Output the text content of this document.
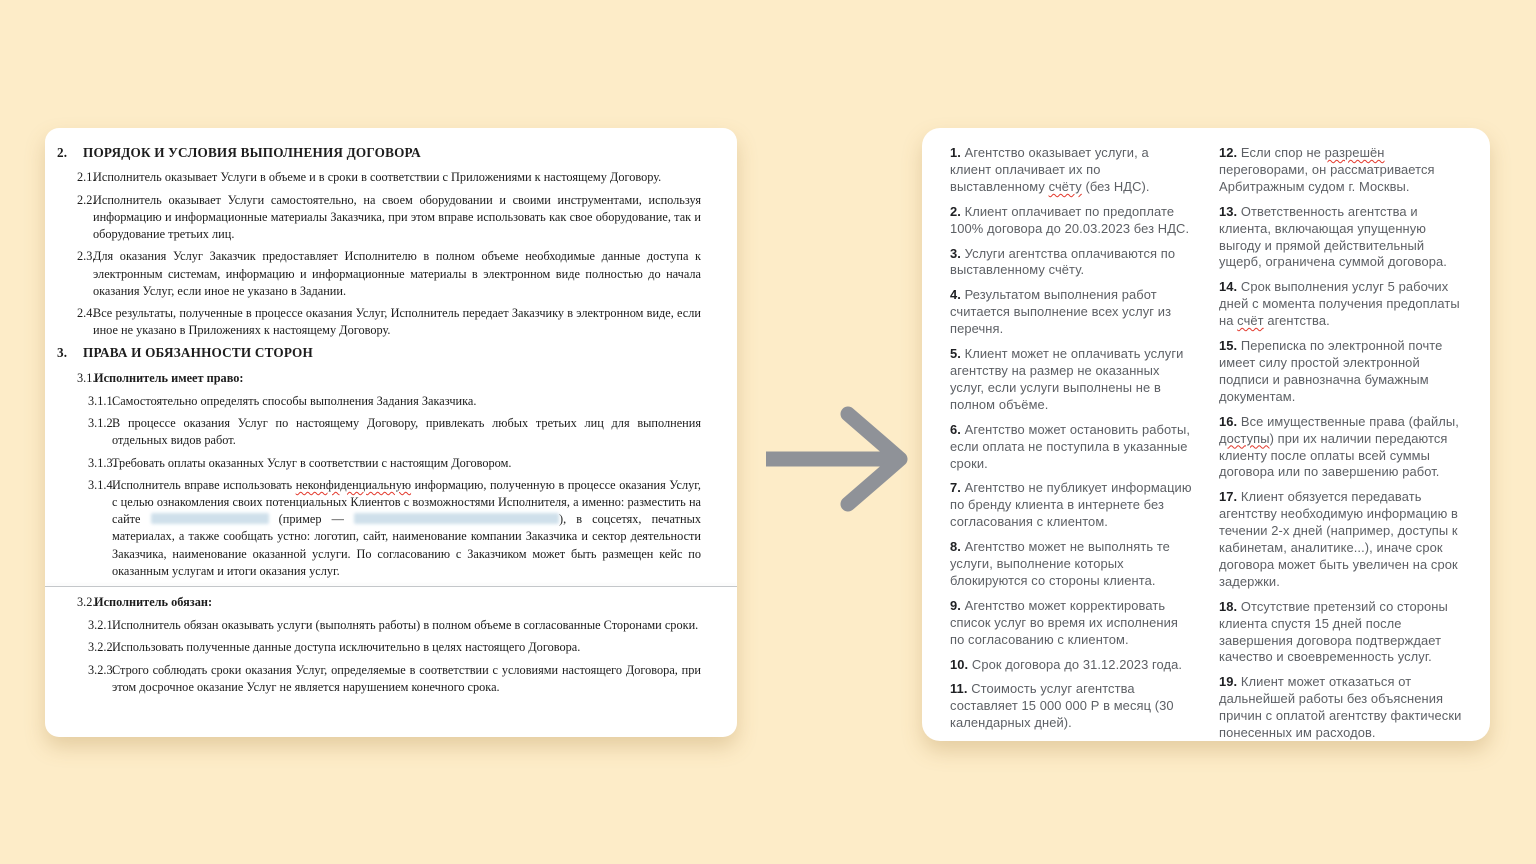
2. ПОРЯДОК И УСЛОВИЯ ВЫПОЛНЕНИЯ ДОГОВОРА
2.1.
Исполнитель оказывает Услуги в объеме и в сроки в соответствии с Приложениями к настоящему Договору.
2.2.
Исполнитель оказывает Услуги самостоятельно, на своем оборудовании и своими инструментами, используя информацию и информационные материалы Заказчика, при этом вправе использовать как свое оборудование, так и оборудование третьих лиц.
2.3.
Для оказания Услуг Заказчик предоставляет Исполнителю в полном объеме необходимые данные доступа к электронным системам, информацию и информационные материалы в электронном виде полностью до начала оказания Услуг, если иное не указано в Задании.
2.4.
Все результаты, полученные в процессе оказания Услуг, Исполнитель передает Заказчику в электронном виде, если иное не указано в Приложениях к настоящему Договору.
3. ПРАВА И ОБЯЗАННОСТИ СТОРОН
3.1.
Исполнитель имеет право:
3.1.1.
Самостоятельно определять способы выполнения Задания Заказчика.
3.1.2.
В процессе оказания Услуг по настоящему Договору, привлекать любых третьих лиц для выполнения отдельных видов работ.
3.1.3.
Требовать оплаты оказанных Услуг в соответствии с настоящим Договором.
3.1.4.
Исполнитель вправе использовать неконфиденциальную информацию, полученную в процессе оказания Услуг, с целью ознакомления своих потенциальных Клиентов с возможностями Исполнителя, а именно: разместить на сайте	(пример —	), в соцсетях, печатных материалах, а также сообщать устно: логотип, сайт, наименование компании Заказчика и сектор деятельности Заказчика, наименование оказанной услуги. По согласованию с Заказчиком может быть размещен кейс по оказанным услугам и итоги оказания услуг.
3.2.
Исполнитель обязан:
3.2.1.
Исполнитель обязан оказывать услуги (выполнять работы) в полном объеме в согласованные Сторонами сроки.
3.2.2.
Использовать полученные данные доступа исключительно в целях настоящего Договора.
3.2.3.
Строго соблюдать сроки оказания Услуг, определяемые в соответствии с условиями настоящего Договора, при этом досрочное оказание Услуг не является нарушением конечного срока.

1. Агентство оказывает услуги, а клиент оплачивает их по выставленному счёту (без НДС).

2. Клиент оплачивает по предоплате 100% договора до 20.03.2023 без НДС.

3. Услуги агентства оплачиваются по выставленному счёту.

4. Результатом выполнения работ считается выполнение всех услуг из перечня.

5. Клиент может не оплачивать услуги агентству на размер не оказанных услуг, если услуги выполнены не в полном объёме.

6. Агентство может остановить работы, если оплата не поступила в указанные сроки.

7. Агентство не публикует информацию по бренду клиента в интернете без согласования с клиентом.

8. Агентство может не выполнять те услуги, выполнение которых блокируются со стороны клиента.

9. Агентство может корректировать список услуг во время их исполнения по согласованию с клиентом.

10. Срок договора до 31.12.2023 года.

11. Стоимость услуг агентства составляет 15 000 000 Р в месяц (30 календарных дней).

12. Если спор не разрешён переговорами, он рассматривается Арбитражным судом г. Москвы.

13. Ответственность агентства и клиента, включающая упущенную выгоду и прямой действительный ущерб, ограничена суммой договора.

14. Срок выполнения услуг 5 рабочих дней с момента получения предоплаты на счёт агентства.

15. Переписка по электронной почте имеет силу простой электронной подписи и равнозначна бумажным документам.

16. Все имущественные права (файлы, доступы) при их наличии передаются клиенту после оплаты всей суммы договора или по завершению работ.

17. Клиент обязуется передавать агентству необходимую информацию в течении 2-х дней (например, доступы к кабинетам, аналитике...), иначе срок договора может быть увеличен на срок задержки.

18. Отсутствие претензий со стороны клиента спустя 15 дней после завершения договора подтверждает качество и своевременность услуг.

19. Клиент может отказаться от дальнейшей работы без объяснения причин с оплатой агентству фактически понесенных им расходов.
